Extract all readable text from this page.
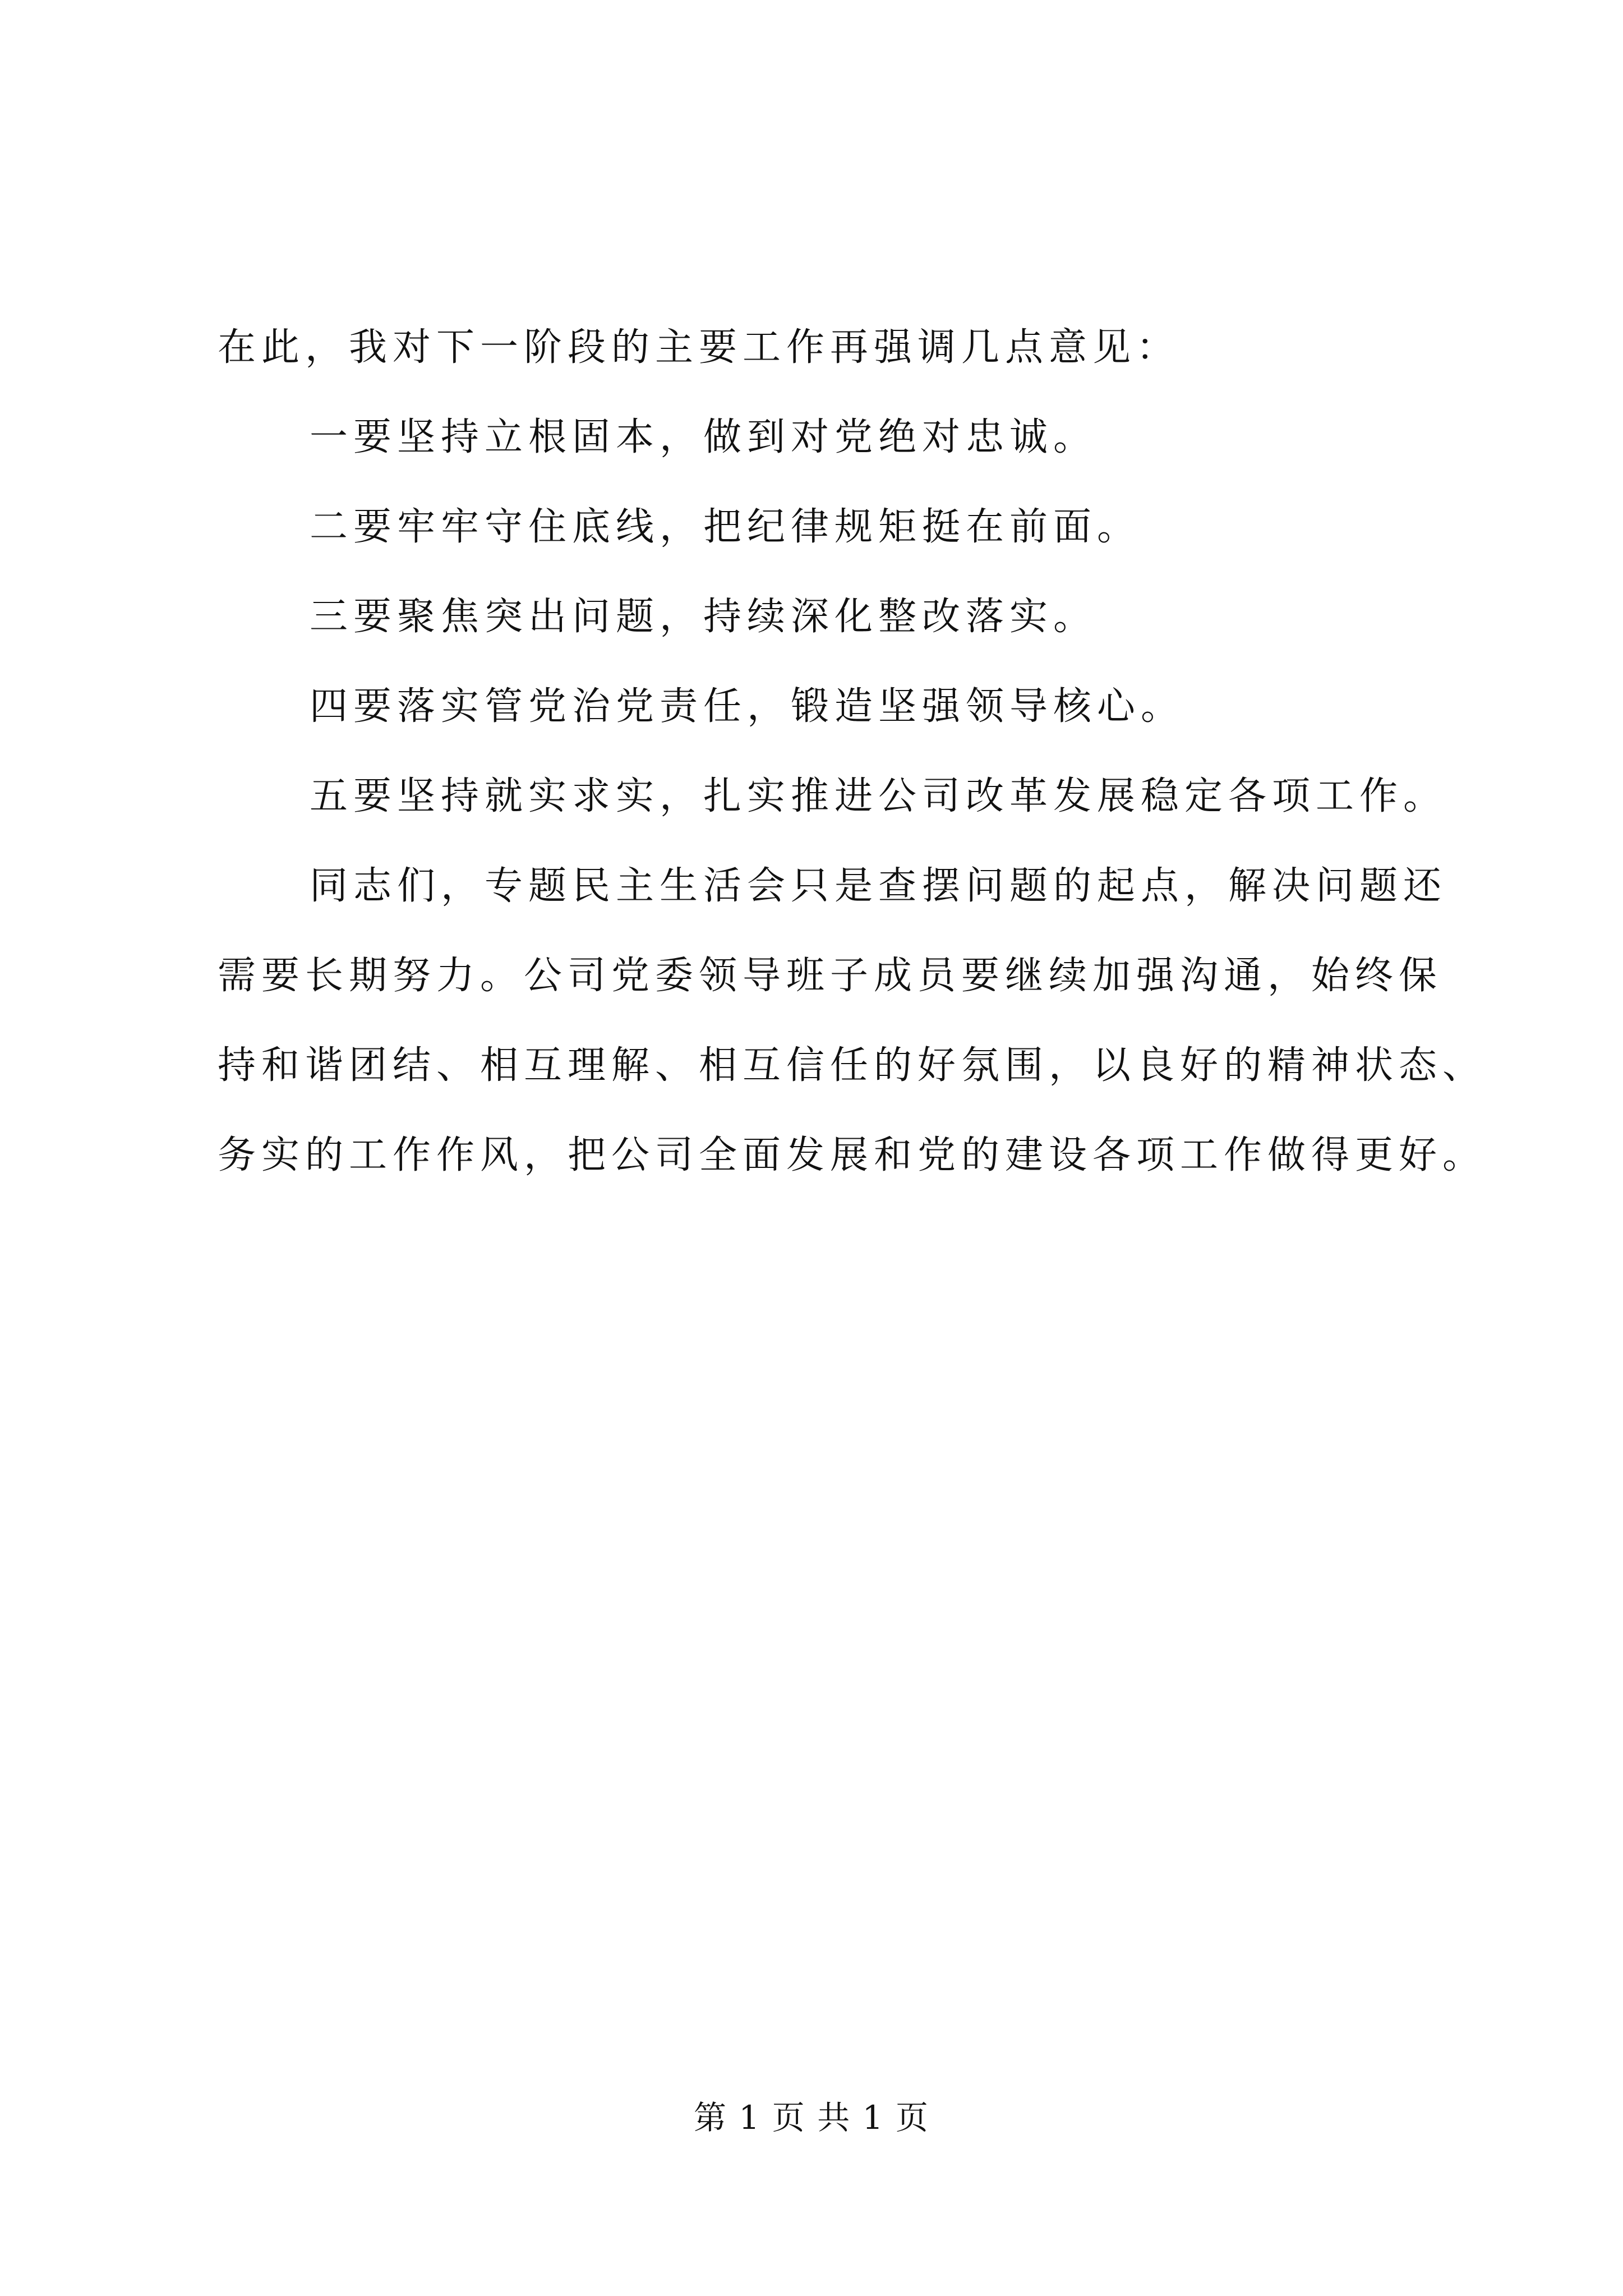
在此，我对下一阶段的主要工作再强调几点意见：

一要坚持立根固本，做到对党绝对忠诚。

二要牢牢守住底线，把纪律规矩挺在前面。

三要聚焦突出问题，持续深化整改落实。

四要落实管党治党责任，锻造坚强领导核心。

五要坚持就实求实，扎实推进公司改革发展稳定各项工作。

同志们，专题民主生活会只是查摆问题的起点，解决问题还

需要长期努力。公司党委领导班子成员要继续加强沟通，始终保

持和谐团结、相互理解、相互信任的好氛围，以良好的精神状态、

务实的工作作风，把公司全面发展和党的建设各项工作做得更好。

第 1 页 共 1 页
